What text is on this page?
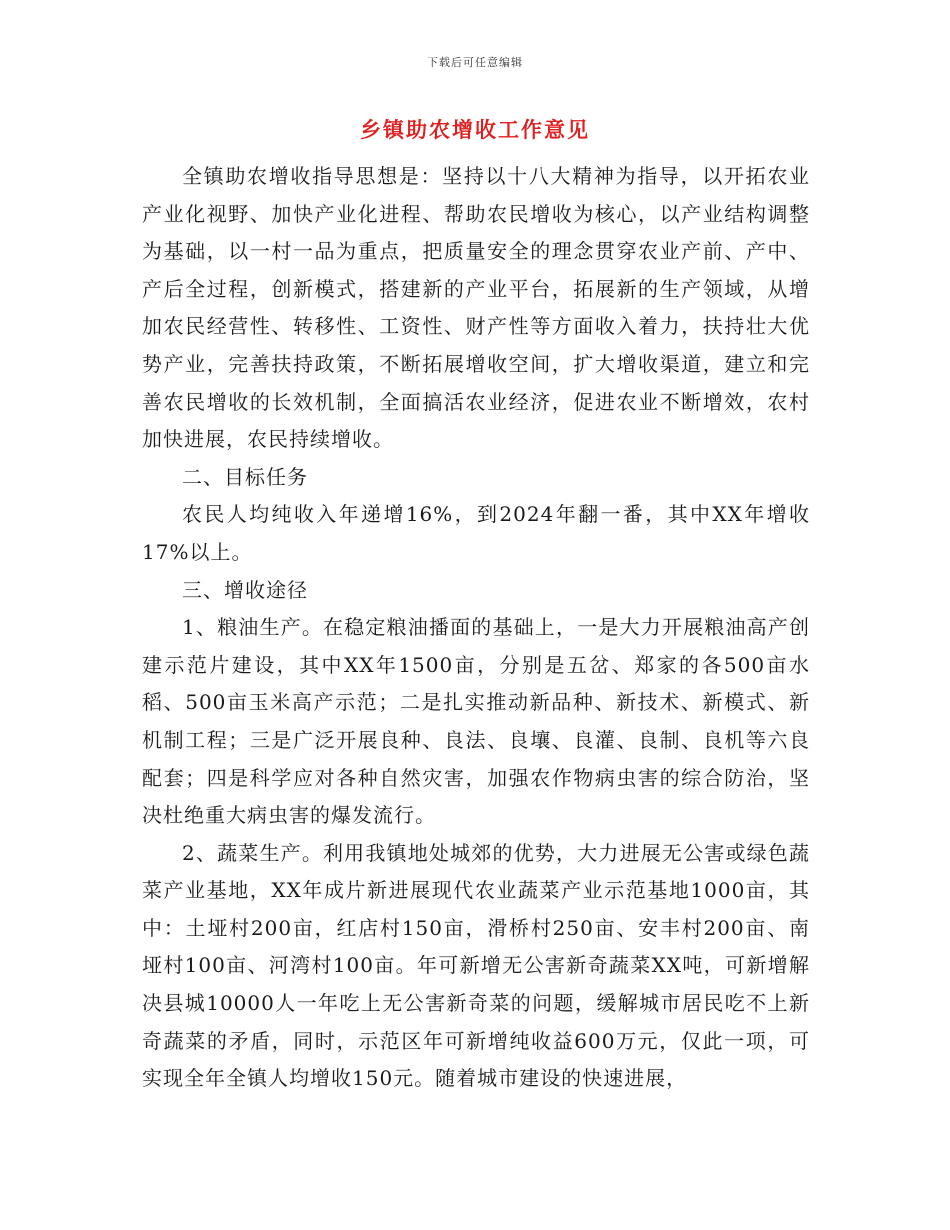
下载后可任意编辑
乡镇助农增收工作意见

全镇助农增收指导思想是：坚持以十八大精神为指导，以开拓农业产业化视野、加快产业化进程、帮助农民增收为核心，以产业结构调整为基础，以一村一品为重点，把质量安全的理念贯穿农业产前、产中、产后全过程，创新模式，搭建新的产业平台，拓展新的生产领域，从增加农民经营性、转移性、工资性、财产性等方面收入着力，扶持壮大优势产业，完善扶持政策，不断拓展增收空间，扩大增收渠道，建立和完善农民增收的长效机制，全面搞活农业经济，促进农业不断增效，农村加快进展，农民持续增收。

二、目标任务

农民人均纯收入年递增16%，到2024年翻一番，其中XX年增收17%以上。

三、增收途径

1、粮油生产。在稳定粮油播面的基础上，一是大力开展粮油高产创建示范片建设，其中XX年1500亩，分别是五岔、郑家的各500亩水稻、500亩玉米高产示范；二是扎实推动新品种、新技术、新模式、新机制工程；三是广泛开展良种、良法、良壤、良灌、良制、良机等六良配套；四是科学应对各种自然灾害，加强农作物病虫害的综合防治，坚决杜绝重大病虫害的爆发流行。

2、蔬菜生产。利用我镇地处城郊的优势，大力进展无公害或绿色蔬菜产业基地，XX年成片新进展现代农业蔬菜产业示范基地1000亩，其中：土垭村200亩，红店村150亩，滑桥村250亩、安丰村200亩、南垭村100亩、河湾村100亩。年可新增无公害新奇蔬菜XX吨，可新增解决县城10000人一年吃上无公害新奇菜的问题，缓解城市居民吃不上新奇蔬菜的矛盾，同时，示范区年可新增纯收益600万元，仅此一项，可实现全年全镇人均增收150元。随着城市建设的快速进展，
